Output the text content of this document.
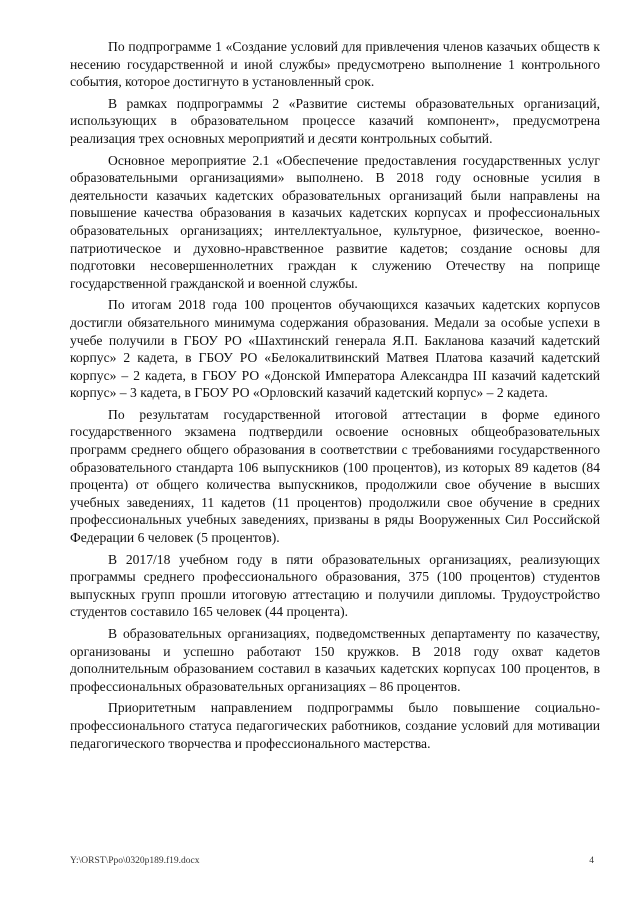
По подпрограмме 1 «Создание условий для привлечения членов казачьих обществ к несению государственной и иной службы» предусмотрено выполнение 1 контрольного события, которое достигнуто в установленный срок.

В рамках подпрограммы 2 «Развитие системы образовательных организаций, использующих в образовательном процессе казачий компонент», предусмотрена реализация трех основных мероприятий и десяти контрольных событий.

Основное мероприятие 2.1 «Обеспечение предоставления государственных услуг образовательными организациями» выполнено. В 2018 году основные усилия в деятельности казачьих кадетских образовательных организаций были направлены на повышение качества образования в казачьих кадетских корпусах и профессиональных образовательных организациях; интеллектуальное, культурное, физическое, военно-патриотическое и духовно-нравственное развитие кадетов; создание основы для подготовки несовершеннолетних граждан к служению Отечеству на поприще государственной гражданской и военной службы.

По итогам 2018 года 100 процентов обучающихся казачьих кадетских корпусов достигли обязательного минимума содержания образования. Медали за особые успехи в учебе получили в ГБОУ РО «Шахтинский генерала Я.П. Бакланова казачий кадетский корпус» 2 кадета, в ГБОУ РО «Белокалитвинский Матвея Платова казачий кадетский корпус» – 2 кадета, в ГБОУ РО «Донской Императора Александра III казачий кадетский корпус» – 3 кадета, в ГБОУ РО «Орловский казачий кадетский корпус» – 2 кадета.

По результатам государственной итоговой аттестации в форме единого государственного экзамена подтвердили освоение основных общеобразовательных программ среднего общего образования в соответствии с требованиями государственного образовательного стандарта 106 выпускников (100 процентов), из которых 89 кадетов (84 процента) от общего количества выпускников, продолжили свое обучение в высших учебных заведениях, 11 кадетов (11 процентов) продолжили свое обучение в средних профессиональных учебных заведениях, призваны в ряды Вооруженных Сил Российской Федерации 6 человек (5 процентов).

В 2017/18 учебном году в пяти образовательных организациях, реализующих программы среднего профессионального образования, 375 (100 процентов) студентов выпускных групп прошли итоговую аттестацию и получили дипломы. Трудоустройство студентов составило 165 человек (44 процента).

В образовательных организациях, подведомственных департаменту по казачеству, организованы и успешно работают 150 кружков. В 2018 году охват кадетов дополнительным образованием составил в казачьих кадетских корпусах 100 процентов, в профессиональных образовательных организациях – 86 процентов.

Приоритетным направлением подпрограммы было повышение социально-профессионального статуса педагогических работников, создание условий для мотивации педагогического творчества и профессионального мастерства.

Y:\ORST\Ppo\0320p189.f19.docx	4
